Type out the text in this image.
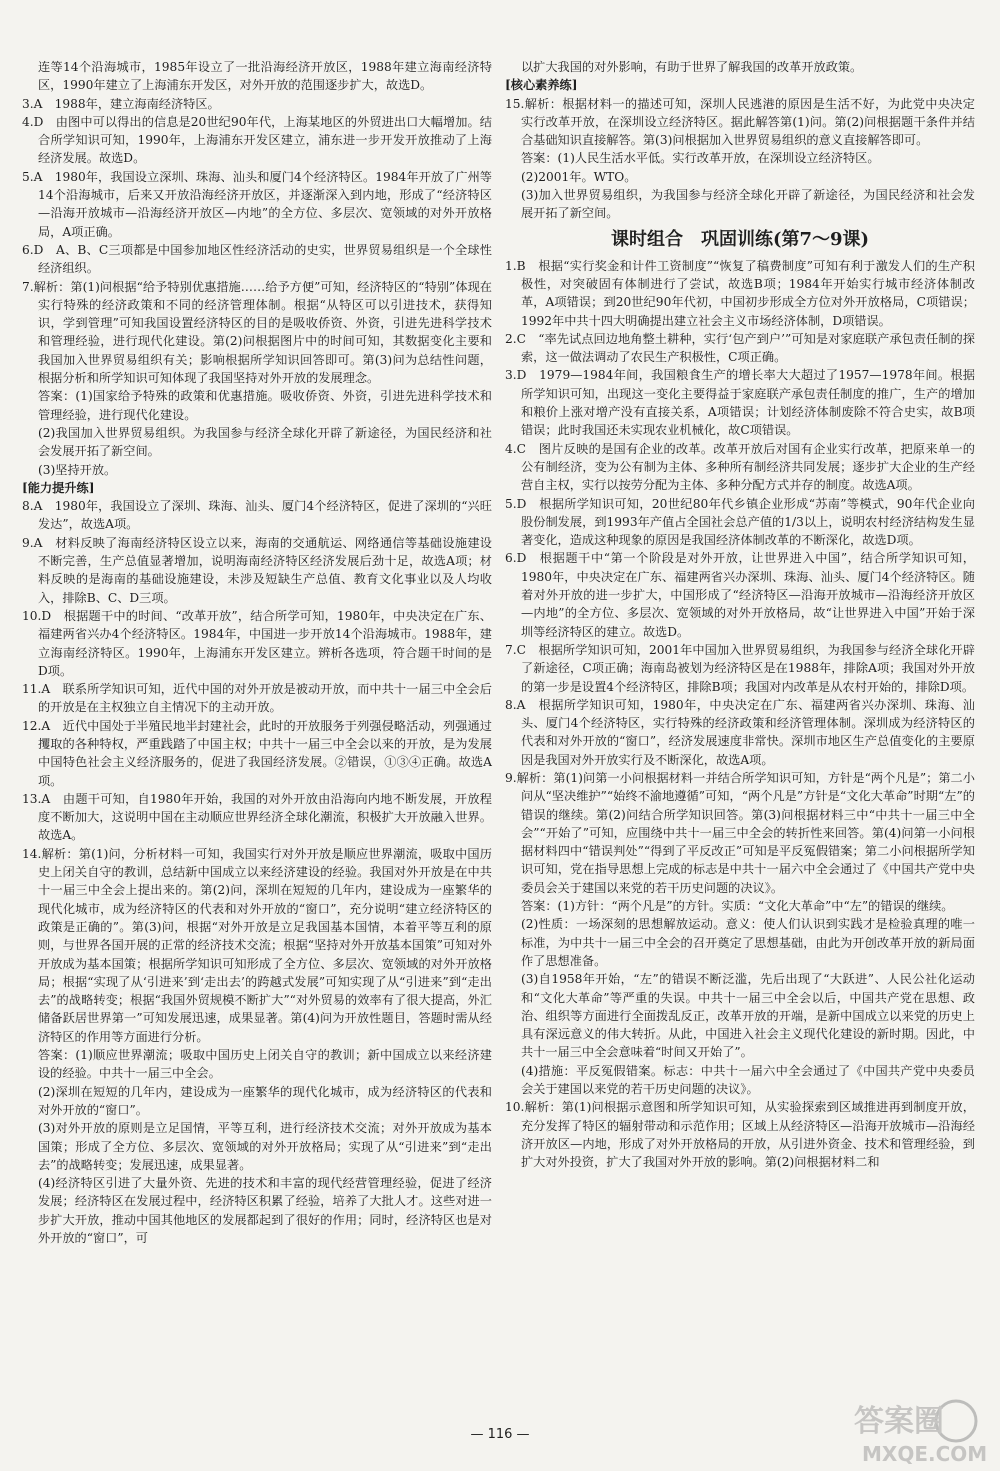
连等14个沿海城市，1985年设立了一批沿海经济开放区，1988年建立海南经济特区，1990年建立了上海浦东开发区，对外开放的范围逐步扩大，故选D。

3.A　1988年，建立海南经济特区。

4.D　由图中可以得出的信息是20世纪90年代，上海某地区的外贸进出口大幅增加。结合所学知识可知，1990年，上海浦东开发区建立，浦东进一步开发开放推动了上海经济发展。故选D。

5.A　1980年，我国设立深圳、珠海、汕头和厦门4个经济特区。1984年开放了广州等14个沿海城市，后来又开放沿海经济开放区，并逐渐深入到内地，形成了“经济特区—沿海开放城市—沿海经济开放区—内地”的全方位、多层次、宽领域的对外开放格局，A项正确。

6.D　A、B、C三项都是中国参加地区性经济活动的史实，世界贸易组织是一个全球性经济组织。

7.解析：第(1)问根据“给予特别优惠措施……给予方便”可知，经济特区的“特别”体现在实行特殊的经济政策和不同的经济管理体制。根据“从特区可以引进技术，获得知识，学到管理”可知我国设置经济特区的目的是吸收侨资、外资，引进先进科学技术和管理经验，进行现代化建设。第(2)问根据图片中的时间可知，其数据变化主要和我国加入世界贸易组织有关；影响根据所学知识回答即可。第(3)问为总结性问题，根据分析和所学知识可知体现了我国坚持对外开放的发展理念。

答案：(1)国家给予特殊的政策和优惠措施。吸收侨资、外资，引进先进科学技术和管理经验，进行现代化建设。

(2)我国加入世界贸易组织。为我国参与经济全球化开辟了新途径，为国民经济和社会发展开拓了新空间。

(3)坚持开放。

[能力提升练]

8.A　1980年，我国设立了深圳、珠海、汕头、厦门4个经济特区，促进了深圳的“兴旺发达”，故选A项。

9.A　材料反映了海南经济特区设立以来，海南的交通航运、网络通信等基础设施建设不断完善，生产总值显著增加，说明海南经济特区经济发展后劲十足，故选A项；材料反映的是海南的基础设施建设，未涉及短缺生产总值、教育文化事业以及人均收入，排除B、C、D三项。

10.D　根据题干中的时间、“改革开放”，结合所学可知，1980年，中央决定在广东、福建两省兴办4个经济特区。1984年，中国进一步开放14个沿海城市。1988年，建立海南经济特区。1990年，上海浦东开发区建立。辨析各选项，符合题干时间的是D项。

11.A　联系所学知识可知，近代中国的对外开放是被动开放，而中共十一届三中全会后的开放是在主权独立自主情况下的主动开放。

12.A　近代中国处于半殖民地半封建社会，此时的开放服务于列强侵略活动，列强通过攫取的各种特权，严重践踏了中国主权；中共十一届三中全会以来的开放，是为发展中国特色社会主义经济服务的，促进了我国经济发展。②错误，①③④正确。故选A项。

13.A　由题干可知，自1980年开始，我国的对外开放由沿海向内地不断发展，开放程度不断加大，这说明中国在主动顺应世界经济全球化潮流，积极扩大开放融入世界。故选A。

14.解析：第(1)问，分析材料一可知，我国实行对外开放是顺应世界潮流，吸取中国历史上闭关自守的教训，总结新中国成立以来经济建设的经验。我国对外开放是在中共十一届三中全会上提出来的。第(2)问，深圳在短短的几年内，建设成为一座繁华的现代化城市，成为经济特区的代表和对外开放的“窗口”，充分说明“建立经济特区的政策是正确的”。第(3)问，根据“对外开放是立足我国基本国情，本着平等互利的原则，与世界各国开展的正常的经济技术交流；根据“坚持对外开放基本国策”可知对外开放成为基本国策；根据所学知识可知形成了全方位、多层次、宽领域的对外开放格局；根据“实现了从‘引进来’到‘走出去’的跨越式发展”可知实现了从“引进来”到“走出去”的战略转变；根据“我国外贸规模不断扩大”“对外贸易的效率有了很大提高，外汇储备跃居世界第一”可知发展迅速，成果显著。第(4)问为开放性题目，答题时需从经济特区的作用等方面进行分析。

答案：(1)顺应世界潮流；吸取中国历史上闭关自守的教训；新中国成立以来经济建设的经验。中共十一届三中全会。

(2)深圳在短短的几年内，建设成为一座繁华的现代化城市，成为经济特区的代表和对外开放的“窗口”。

(3)对外开放的原则是立足国情，平等互利，进行经济技术交流；对外开放成为基本国策；形成了全方位、多层次、宽领域的对外开放格局；实现了从“引进来”到“走出去”的战略转变；发展迅速，成果显著。

(4)经济特区引进了大量外资、先进的技术和丰富的现代经营管理经验，促进了经济发展；经济特区在发展过程中，经济特区积累了经验，培养了大批人才。这些对进一步扩大开放，推动中国其他地区的发展都起到了很好的作用；同时，经济特区也是对外开放的“窗口”，可

以扩大我国的对外影响，有助于世界了解我国的改革开放政策。

[核心素养练]

15.解析：根据材料一的描述可知，深圳人民逃港的原因是生活不好，为此党中央决定实行改革开放，在深圳设立经济特区。据此解答第(1)问。第(2)问根据题干条件并结合基础知识直接解答。第(3)问根据加入世界贸易组织的意义直接解答即可。

答案：(1)人民生活水平低。实行改革开放，在深圳设立经济特区。

(2)2001年。WTO。

(3)加入世界贸易组织，为我国参与经济全球化开辟了新途径，为国民经济和社会发展开拓了新空间。

课时组合　巩固训练(第7～9课)

1.B　根据“实行奖金和计件工资制度”“恢复了稿费制度”可知有利于激发人们的生产积极性，对突破固有体制进行了尝试，故选B项；1984年开始实行城市经济体制改革，A项错误；到20世纪90年代初，中国初步形成全方位对外开放格局，C项错误；1992年中共十四大明确提出建立社会主义市场经济体制，D项错误。

2.C　“率先试点回边地角整土耕种，实行‘包产到户’”可知是对家庭联产承包责任制的探索，这一做法调动了农民生产积极性，C项正确。

3.D　1979—1984年间，我国粮食生产的增长率大大超过了1957—1978年间。根据所学知识可知，出现这一变化主要得益于家庭联产承包责任制度的推广，生产的增加和粮价上涨对增产没有直接关系，A项错误；计划经济体制废除不符合史实，故B项错误；此时我国还未实现农业机械化，故C项错误。

4.C　图片反映的是国有企业的改革。改革开放后对国有企业实行改革，把原来单一的公有制经济，变为公有制为主体、多种所有制经济共同发展；逐步扩大企业的生产经营自主权，实行以按劳分配为主体、多种分配方式并存的制度。故选A项。

5.D　根据所学知识可知，20世纪80年代乡镇企业形成“苏南”等模式，90年代企业向股份制发展，到1993年产值占全国社会总产值的1/3以上，说明农村经济结构发生显著变化，造成这种现象的原因是我国经济体制改革的不断深化，故选D项。

6.D　根据题干中“第一个阶段是对外开放，让世界进入中国”，结合所学知识可知，1980年，中央决定在广东、福建两省兴办深圳、珠海、汕头、厦门4个经济特区。随着对外开放的进一步扩大，中国形成了“经济特区—沿海开放城市—沿海经济开放区—内地”的全方位、多层次、宽领域的对外开放格局，故“让世界进入中国”开始于深圳等经济特区的建立。故选D。

7.C　根据所学知识可知，2001年中国加入世界贸易组织，为我国参与经济全球化开辟了新途径，C项正确；海南岛被划为经济特区是在1988年，排除A项；我国对外开放的第一步是设置4个经济特区，排除B项；我国对内改革是从农村开始的，排除D项。

8.A　根据所学知识可知，1980年，中央决定在广东、福建两省兴办深圳、珠海、汕头、厦门4个经济特区，实行特殊的经济政策和经济管理体制。深圳成为经济特区的代表和对外开放的“窗口”，经济发展速度非常快。深圳市地区生产总值变化的主要原因是我国对外开放实行及不断深化，故选A项。

9.解析：第(1)问第一小问根据材料一并结合所学知识可知，方针是“两个凡是”；第二小问从“坚决维护”“始终不渝地遵循”可知，“两个凡是”方针是“文化大革命”时期“左”的错误的继续。第(2)问结合所学知识回答。第(3)问根据材料三中“中共十一届三中全会”“开始了”可知，应围绕中共十一届三中全会的转折性来回答。第(4)问第一小问根据材料四中“错误判处”“得到了平反改正”可知是平反冤假错案；第二小问根据所学知识可知，党在指导思想上完成的标志是中共十一届六中全会通过了《中国共产党中央委员会关于建国以来党的若干历史问题的决议》。

答案：(1)方针：“两个凡是”的方针。实质：“文化大革命”中“左”的错误的继续。

(2)性质：一场深刻的思想解放运动。意义：使人们认识到实践才是检验真理的唯一标准，为中共十一届三中全会的召开奠定了思想基础，由此为开创改革开放的新局面作了思想准备。

(3)自1958年开始，“左”的错误不断泛滥，先后出现了“大跃进”、人民公社化运动和“文化大革命”等严重的失误。中共十一届三中全会以后，中国共产党在思想、政治、组织等方面进行全面拨乱反正，改革开放的开端，是新中国成立以来党的历史上具有深远意义的伟大转折。从此，中国进入社会主义现代化建设的新时期。因此，中共十一届三中全会意味着“时间又开始了”。

(4)措施：平反冤假错案。标志：中共十一届六中全会通过了《中国共产党中央委员会关于建国以来党的若干历史问题的决议》。

10.解析：第(1)问根据示意图和所学知识可知，从实验探索到区域推进再到制度开放，充分发挥了特区的辐射带动和示范作用；区域上从经济特区—沿海开放城市—沿海经济开放区—内地，形成了对外开放格局的开放，从引进外资金、技术和管理经验，到扩大对外投资，扩大了我国对外开放的影响。第(2)问根据材料二和

— 116 —	答案圈
MXQE.COM
